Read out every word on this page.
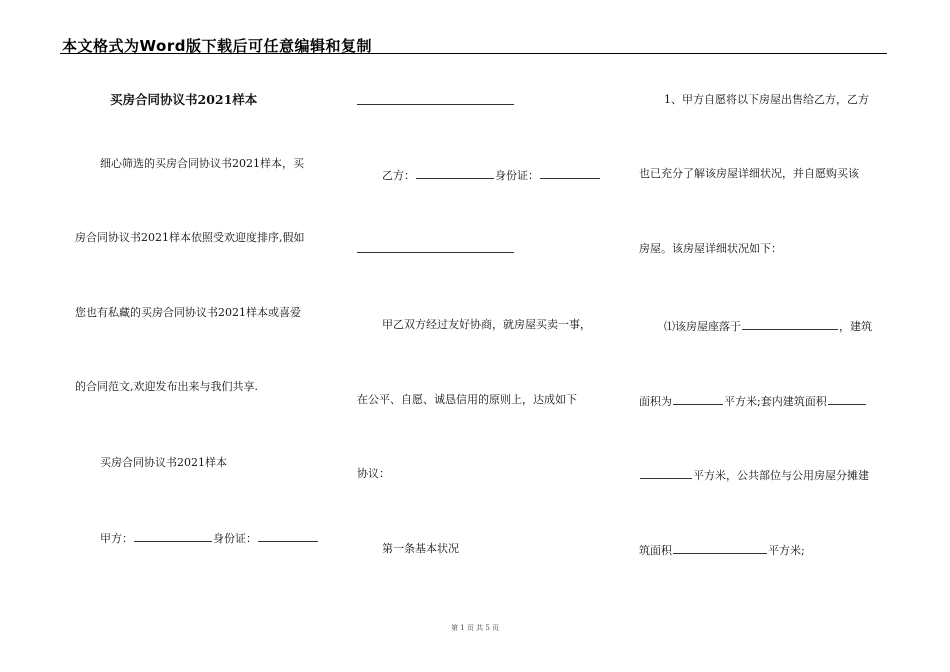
本文格式为Word版下载后可任意编辑和复制
买房合同协议书2021样本
细心筛选的买房合同协议书2021样本，买
房合同协议书2021样本依照受欢迎度排序,假如
您也有私藏的买房合同协议书2021样本或喜爱
的合同范文,欢迎发布出来与我们共享.
买房合同协议书2021样本
甲方：	身份证：
乙方：	身份证：
甲乙双方经过友好协商，就房屋买卖一事，
在公平、自愿、诚恳信用的原则上，达成如下
协议：
第一条基本状况
1、甲方自愿将以下房屋出售给乙方，乙方
也已充分了解该房屋详细状况，并自愿购买该
房屋。该房屋详细状况如下：
⑴该房屋座落于	，建筑
面积为	平方米;套内建筑面积
平方米，公共部位与公用房屋分摊建
筑面积	平方米;
第 1 页 共 5 页
